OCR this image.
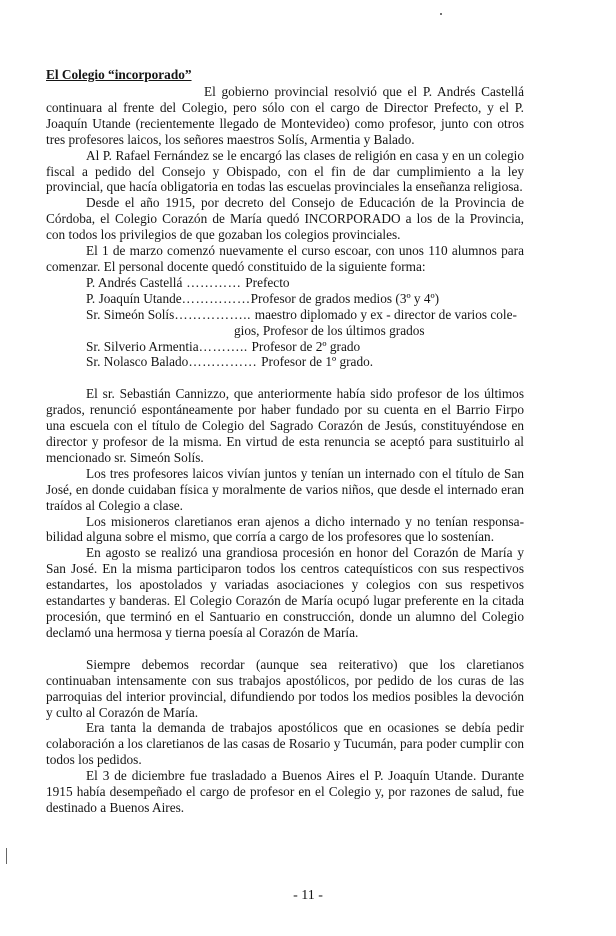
El Colegio “incorporado”

El gobierno provincial resolvió que el P. Andrés Castellá continuara al frente del Colegio, pero sólo con el cargo de Director Prefecto, y el P. Joaquín Utande (recientemente llegado de Montevideo) como profesor, junto con otros tres profesores laicos, los señores maestros Solís, Armentia y Balado.

Al P. Rafael Fernández se le encargó las clases de religión en casa y en un colegio fiscal a pedido del Consejo y Obispado, con el fin de dar cumplimiento a la ley provincial, que hacía obligatoria en todas las escuelas provinciales la enseñanza religiosa.

Desde el año 1915, por decreto del Consejo de Educación de la Provincia de Córdoba, el Colegio Corazón de María quedó INCORPORADO a los de la Provincia, con todos los privilegios de que gozaban los colegios provinciales.

El 1 de marzo comenzó nuevamente el curso escoar, con unos 110 alumnos para comenzar. El personal docente quedó constituido de la siguiente forma:

P. Andrés Castellá ………… Prefecto
P. Joaquín Utande …………… Profesor de grados medios (3º y 4º)
Sr. Simeón Solís …………….. maestro diplomado y ex - director de varios cole-
gios, Profesor de los últimos grados
Sr. Silverio Armentia ……….. Profesor de 2º grado
Sr. Nolasco Balado …………… Profesor de 1º grado.

El sr. Sebastián Cannizzo, que anteriormente había sido profesor de los últimos grados, renunció espontáneamente por haber fundado por su cuenta en el Barrio Firpo una escuela con el título de Colegio del Sagrado Corazón de Jesús, constituyéndose en director y profesor de la misma. En virtud de esta renuncia se aceptó para sustituirlo al mencionado sr. Simeón Solís.

Los tres profesores laicos vivían juntos y tenían un internado con el título de San José, en donde cuidaban física y moralmente de varios niños, que desde el internado eran traídos al Colegio a clase.

Los misioneros claretianos eran ajenos a dicho internado y no tenían responsa-bilidad alguna sobre el mismo, que corría a cargo de los profesores que lo sostenían.

En agosto se realizó una grandiosa procesión en honor del Corazón de María y San José. En la misma participaron todos los centros catequísticos con sus respectivos estandartes, los apostolados y variadas asociaciones y colegios con sus respetivos estandartes y banderas. El Colegio Corazón de María ocupó lugar preferente en la citada procesión, que terminó en el Santuario en construcción, donde un alumno del Colegio declamó una hermosa y tierna poesía al Corazón de María.

Siempre debemos recordar (aunque sea reiterativo) que los claretianos continuaban intensamente con sus trabajos apostólicos, por pedido de los curas de las parroquias del interior provincial, difundiendo por todos los medios posibles la devoción y culto al Corazón de María.

Era tanta la demanda de trabajos apostólicos que en ocasiones se debía pedir colaboración a los claretianos de las casas de Rosario y Tucumán, para poder cumplir con todos los pedidos.

El 3 de diciembre fue trasladado a Buenos Aires el P. Joaquín Utande. Durante 1915 había desempeñado el cargo de profesor en el Colegio y, por razones de salud, fue destinado a Buenos Aires.

- 11 -
